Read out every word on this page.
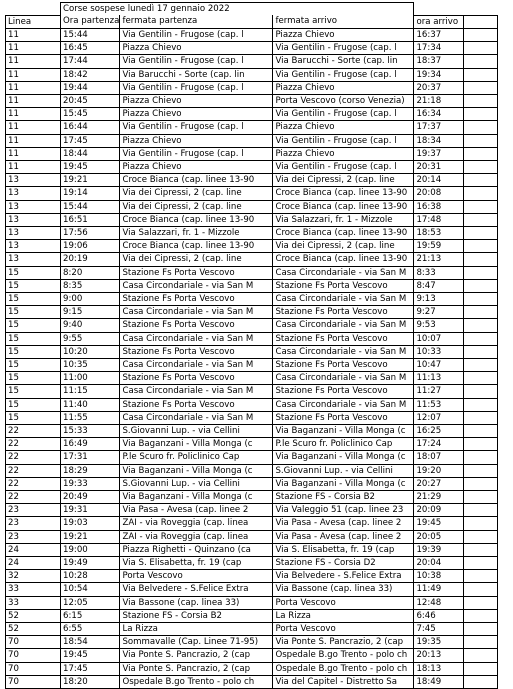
	Corse sospese lunedì 17 gennaio 2022				
Linea	Ora partenza	fermata partenza	fermata arrivo	ora arrivo	
11	15:44	Via Gentilin - Frugose (cap. l	Piazza Chievo	16:37	
11	16:45	Piazza Chievo	Via Gentilin - Frugose (cap. l	17:34	
11	17:44	Via Gentilin - Frugose (cap. l	Via Barucchi - Sorte (cap. lin	18:37	
11	18:42	Via Barucchi - Sorte (cap. lin	Via Gentilin - Frugose (cap. l	19:34	
11	19:44	Via Gentilin - Frugose (cap. l	Piazza Chievo	20:37	
11	20:45	Piazza Chievo	Porta Vescovo (corso Venezia)	21:18	
11	15:45	Piazza Chievo	Via Gentilin - Frugose (cap. l	16:34	
11	16:44	Via Gentilin - Frugose (cap. l	Piazza Chievo	17:37	
11	17:45	Piazza Chievo	Via Gentilin - Frugose (cap. l	18:34	
11	18:44	Via Gentilin - Frugose (cap. l	Piazza Chievo	19:37	
11	19:45	Piazza Chievo	Via Gentilin - Frugose (cap. l	20:31	
13	19:21	Croce Bianca (cap. linee 13-90	Via dei Cipressi, 2 (cap. line	20:14	
13	19:14	Via dei Cipressi, 2 (cap. line	Croce Bianca (cap. linee 13-90	20:08	
13	15:44	Via dei Cipressi, 2 (cap. line	Croce Bianca (cap. linee 13-90	16:38	
13	16:51	Croce Bianca (cap. linee 13-90	Via Salazzari, fr. 1 - Mizzole	17:48	
13	17:56	Via Salazzari, fr. 1 - Mizzole	Croce Bianca (cap. linee 13-90	18:53	
13	19:06	Croce Bianca (cap. linee 13-90	Via dei Cipressi, 2 (cap. line	19:59	
13	20:19	Via dei Cipressi, 2 (cap. line	Croce Bianca (cap. linee 13-90	21:13	
15	8:20	Stazione Fs Porta Vescovo	Casa Circondariale - via San M	8:33	
15	8:35	Casa Circondariale - via San M	Stazione Fs Porta Vescovo	8:47	
15	9:00	Stazione Fs Porta Vescovo	Casa Circondariale - via San M	9:13	
15	9:15	Casa Circondariale - via San M	Stazione Fs Porta Vescovo	9:27	
15	9:40	Stazione Fs Porta Vescovo	Casa Circondariale - via San M	9:53	
15	9:55	Casa Circondariale - via San M	Stazione Fs Porta Vescovo	10:07	
15	10:20	Stazione Fs Porta Vescovo	Casa Circondariale - via San M	10:33	
15	10:35	Casa Circondariale - via San M	Stazione Fs Porta Vescovo	10:47	
15	11:00	Stazione Fs Porta Vescovo	Casa Circondariale - via San M	11:13	
15	11:15	Casa Circondariale - via San M	Stazione Fs Porta Vescovo	11:27	
15	11:40	Stazione Fs Porta Vescovo	Casa Circondariale - via San M	11:53	
15	11:55	Casa Circondariale - via San M	Stazione Fs Porta Vescovo	12:07	
22	15:33	S.Giovanni Lup. - via Cellini	Via Baganzani - Villa Monga (c	16:25	
22	16:49	Via Baganzani - Villa Monga (c	P.le Scuro fr. Policlinico Cap	17:24	
22	17:31	P.le Scuro fr. Policlinico Cap	Via Baganzani - Villa Monga (c	18:07	
22	18:29	Via Baganzani - Villa Monga (c	S.Giovanni Lup. - via Cellini	19:20	
22	19:33	S.Giovanni Lup. - via Cellini	Via Baganzani - Villa Monga (c	20:27	
22	20:49	Via Baganzani - Villa Monga (c	Stazione FS - Corsia B2	21:29	
23	19:31	Via Pasa - Avesa (cap. linee 2	Via Valeggio 51 (cap. linee 23	20:09	
23	19:03	ZAI - via Roveggia (cap. linea	Via Pasa - Avesa (cap. linee 2	19:45	
23	19:21	ZAI - via Roveggia (cap. linea	Via Pasa - Avesa (cap. linee 2	20:05	
24	19:00	Piazza Righetti - Quinzano (ca	Via S. Elisabetta, fr. 19 (cap	19:39	
24	19:49	Via S. Elisabetta, fr. 19 (cap	Stazione FS - Corsia D2	20:04	
32	10:28	Porta Vescovo	Via Belvedere - S.Felice Extra	10:38	
33	10:54	Via Belvedere - S.Felice Extra	Via Bassone (cap. linea 33)	11:49	
33	12:05	Via Bassone (cap. linea 33)	Porta Vescovo	12:48	
52	6:15	Stazione FS - Corsia B2	La Rizza	6:46	
52	6:55	La Rizza	Porta Vescovo	7:45	
70	18:54	Sommavalle (Cap. Linee 71-95)	Via Ponte S. Pancrazio, 2 (cap	19:35	
70	19:45	Via Ponte S. Pancrazio, 2 (cap	Ospedale B.go Trento - polo ch	20:13	
70	17:45	Via Ponte S. Pancrazio, 2 (cap	Ospedale B.go Trento - polo ch	18:13	
70	18:20	Ospedale B.go Trento - polo ch	Via del Capitel - Distretto Sa	18:49	
